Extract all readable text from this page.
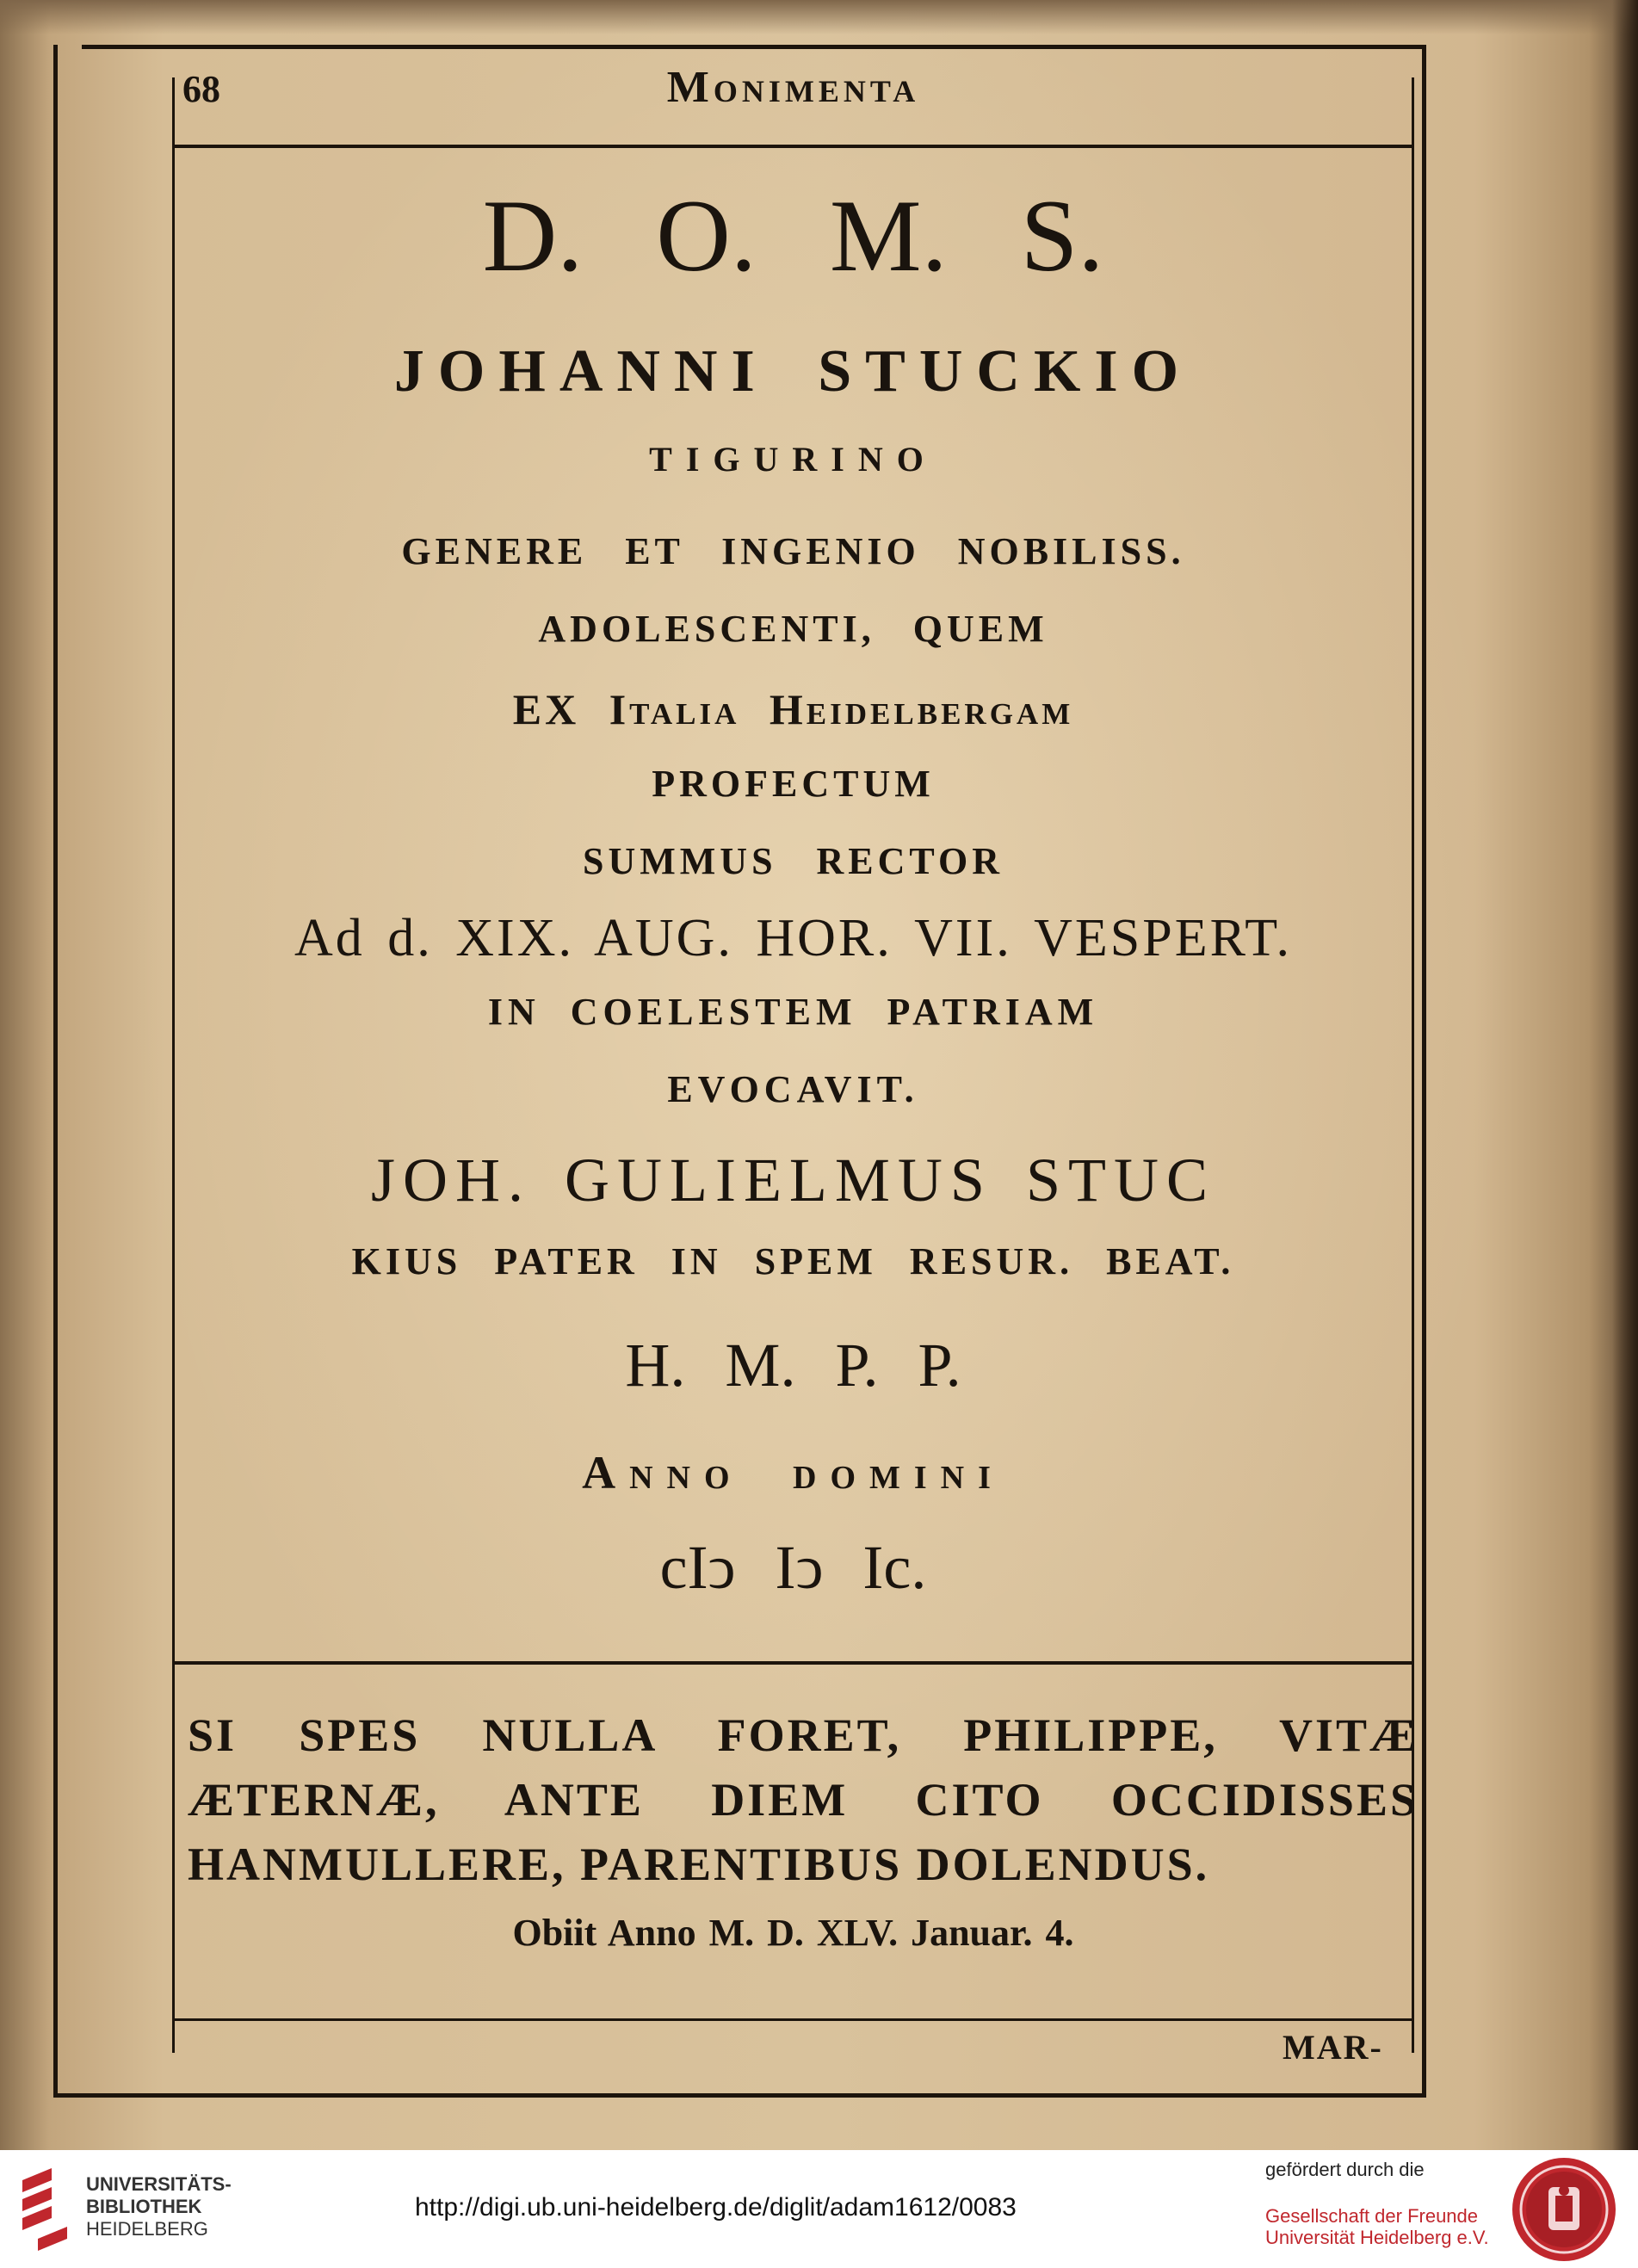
68	Monimenta
D. O. M. S.
JOHANNI STUCKIO
TIGURINO
GENERE ET INGENIO NOBILISS.
ADOLESCENTI, QUEM
EX Italia Heidelbergam
PROFECTUM
SUMMUS RECTOR
Ad d. XIX. AUG. HOR. VII. VESPERT.
IN COELESTEM PATRIAM
EVOCAVIT.
JOH. GULIELMUS STUC
KIUS PATER IN SPEM RESUR. BEAT.
H. M. P. P.
Anno domini
cIↄ Iↄ Ic.
SI SPES NULLA FORET, PHILIPPE, VITÆ
ÆTERNÆ, ANTE DIEM CITO OCCIDISSES
HANMULLERE, PARENTIBUS DOLENDUS.
Obiit Anno M. D. XLV. Januar. 4.
MAR-
UNIVERSITÄTS-
BIBLIOTHEK
HEIDELBERG
http://digi.ub.uni-heidelberg.de/diglit/adam1612/0083
gefördert durch die
Gesellschaft der Freunde
Universität Heidelberg e.V.
